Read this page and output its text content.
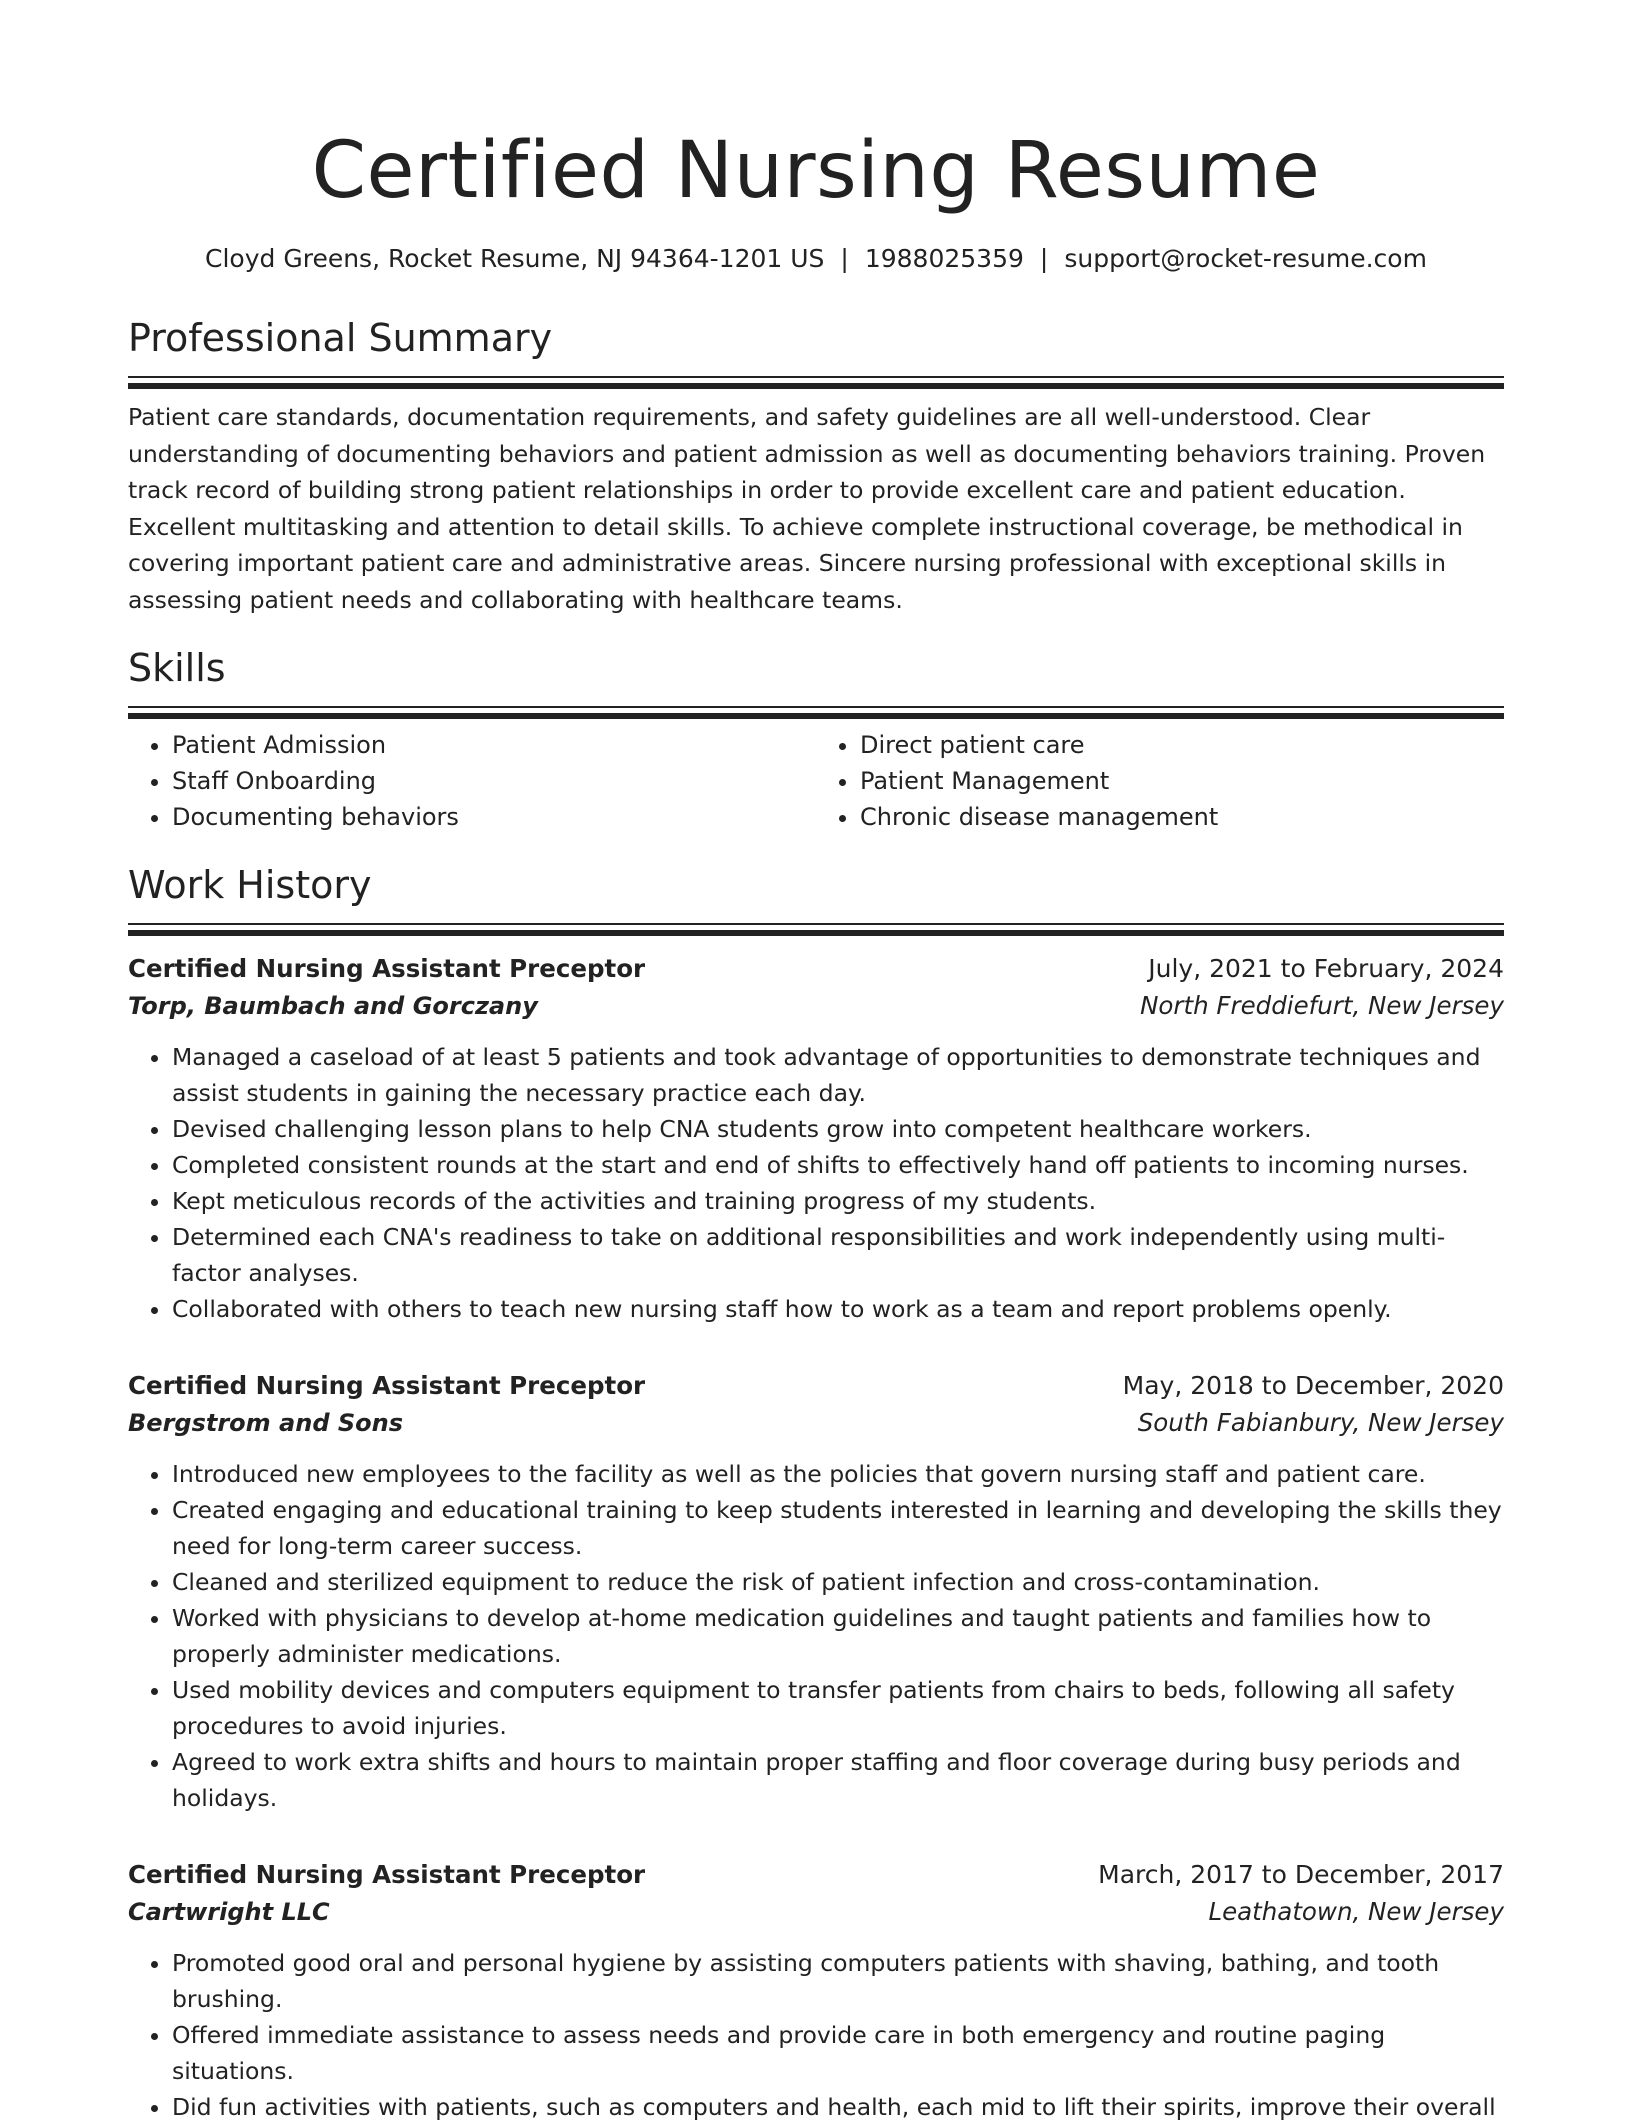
Certified Nursing Resume
Cloyd Greens, Rocket Resume, NJ 94364-1201 US | 1988025359 | support@rocket-resume.com
Professional Summary

Patient care standards, documentation requirements, and safety guidelines are all well-understood. Clear understanding of documenting behaviors and patient admission as well as documenting behaviors training. Proven track record of building strong patient relationships in order to provide excellent care and patient education. Excellent multitasking and attention to detail skills. To achieve complete instructional coverage, be methodical in covering important patient care and administrative areas. Sincere nursing professional with exceptional skills in assessing patient needs and collaborating with healthcare teams.

Skills
• Patient Admission
• Staff Onboarding
• Documenting behaviors
• Direct patient care
• Patient Management
• Chronic disease management
Work History
Certified Nursing Assistant Preceptor	July, 2021 to February, 2024
Torp, Baumbach and Gorczany	North Freddiefurt, New Jersey
• Managed a caseload of at least 5 patients and took advantage of opportunities to demonstrate techniques and assist students in gaining the necessary practice each day.
• Devised challenging lesson plans to help CNA students grow into competent healthcare workers.
• Completed consistent rounds at the start and end of shifts to effectively hand off patients to incoming nurses.
• Kept meticulous records of the activities and training progress of my students.
• Determined each CNA's readiness to take on additional responsibilities and work independently using multi-factor analyses.
• Collaborated with others to teach new nursing staff how to work as a team and report problems openly.
Certified Nursing Assistant Preceptor	May, 2018 to December, 2020
Bergstrom and Sons	South Fabianbury, New Jersey
• Introduced new employees to the facility as well as the policies that govern nursing staff and patient care.
• Created engaging and educational training to keep students interested in learning and developing the skills they need for long-term career success.
• Cleaned and sterilized equipment to reduce the risk of patient infection and cross-contamination.
• Worked with physicians to develop at-home medication guidelines and taught patients and families how to properly administer medications.
• Used mobility devices and computers equipment to transfer patients from chairs to beds, following all safety procedures to avoid injuries.
• Agreed to work extra shifts and hours to maintain proper staffing and floor coverage during busy periods and holidays.
Certified Nursing Assistant Preceptor	March, 2017 to December, 2017
Cartwright LLC	Leathatown, New Jersey
• Promoted good oral and personal hygiene by assisting computers patients with shaving, bathing, and tooth brushing.
• Offered immediate assistance to assess needs and provide care in both emergency and routine paging situations.
• Did fun activities with patients, such as computers and health, each mid to lift their spirits, improve their overall
